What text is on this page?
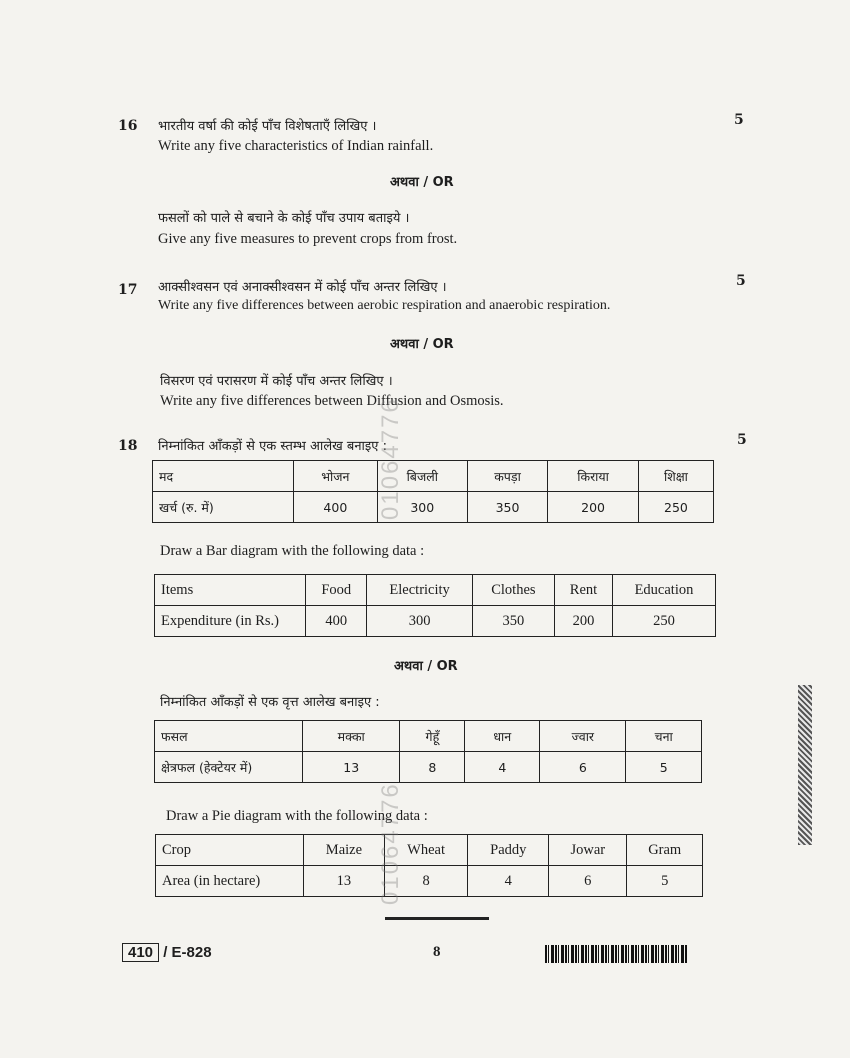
16 भारतीय वर्षा की कोई पाँच विशेषताएँ लिखिए ।	5
Write any five characteristics of Indian rainfall.
अथवा / OR
फसलों को पाले से बचाने के कोई पाँच उपाय बताइये ।
Give any five measures to prevent crops from frost.
17 आक्सीश्वसन एवं अनाक्सीश्वसन में कोई पाँच अन्तर लिखिए ।	5
Write any five differences between aerobic respiration and anaerobic respiration.
अथवा / OR
विसरण एवं परासरण में कोई पाँच अन्तर लिखिए ।
Write any five differences between Diffusion and Osmosis.
18 निम्नांकित आँकड़ों से एक स्तम्भ आलेख बनाइए :	5
मद	भोजन	बिजली	कपड़ा	किराया	शिक्षा
खर्च (रु. में)	400	300	350	200	250
Draw a Bar diagram with the following data :
Items	Food	Electricity	Clothes	Rent	Education
Expenditure (in Rs.)	400	300	350	200	250
अथवा / OR
निम्नांकित आँकड़ों से एक वृत्त आलेख बनाइए :
फसल	मक्का	गेहूँ	धान	ज्वार	चना
क्षेत्रफल (हेक्टेयर में)	13	8	4	6	5
Draw a Pie diagram with the following data :
Crop	Maize	Wheat	Paddy	Jowar	Gram
Area (in hectare)	13	8	4	6	5
01064776
01064776
410 / E-828	8
